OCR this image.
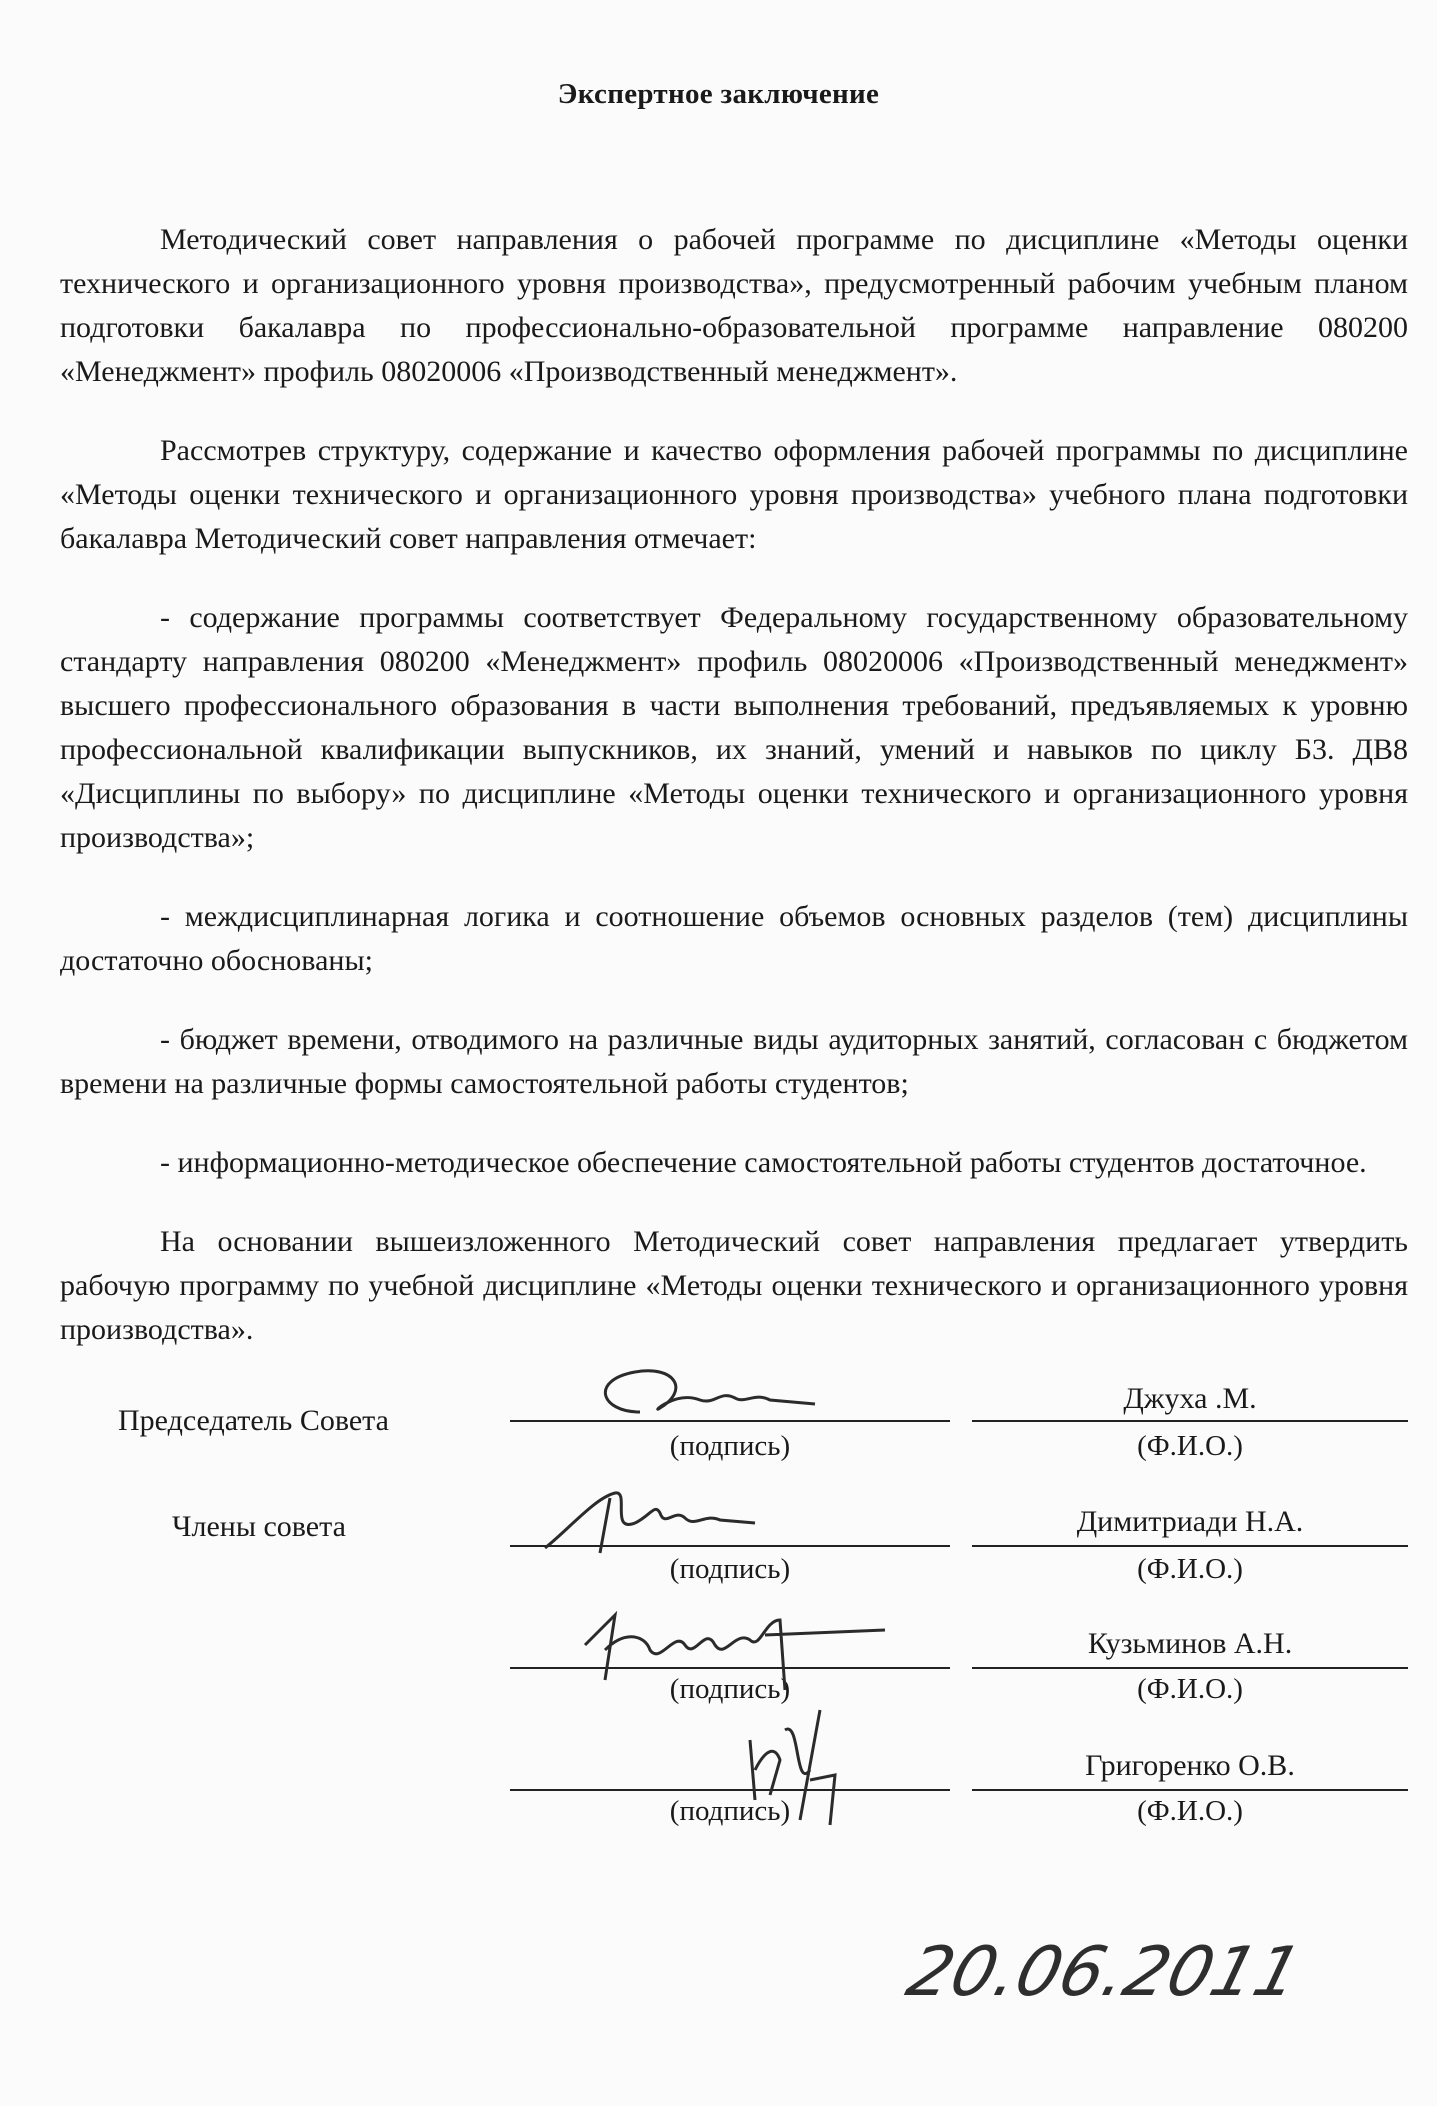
Экспертное заключение

Методический совет направления о рабочей программе по дисциплине «Методы оценки технического и организационного уровня производства», предусмотренный рабочим учебным планом подготовки бакалавра по профессионально-образовательной программе направление 080200 «Менеджмент» профиль 08020006 «Производственный менеджмент».

Рассмотрев структуру, содержание и качество оформления рабочей программы по дисциплине «Методы оценки технического и организационного уровня производства» учебного плана подготовки бакалавра Методический совет направления отмечает:

- содержание программы соответствует Федеральному государственному образовательному стандарту направления 080200 «Менеджмент» профиль 08020006 «Производственный менеджмент» высшего профессионального образования в части выполнения требований, предъявляемых к уровню профессиональной квалификации выпускников, их знаний, умений и навыков по циклу Б3. ДВ8 «Дисциплины по выбору» по дисциплине «Методы оценки технического и организационного уровня производства»;

- междисциплинарная логика и соотношение объемов основных разделов (тем) дисциплины достаточно обоснованы;

- бюджет времени, отводимого на различные виды аудиторных занятий, согласован с бюджетом времени на различные формы самостоятельной работы студентов;

- информационно-методическое обеспечение самостоятельной работы студентов достаточное.

На основании вышеизложенного Методический совет направления предлагает утвердить рабочую программу по учебной дисциплине «Методы оценки технического и организационного уровня производства».

Председатель Совета
(подпись)
Джуха .М.
(Ф.И.О.)
Члены совета
(подпись)
Димитриади Н.А.
(Ф.И.О.)
(подпись)
Кузьминов А.Н.
(Ф.И.О.)
(подпись)
Григоренко О.В.
(Ф.И.О.)
20.06.2011
